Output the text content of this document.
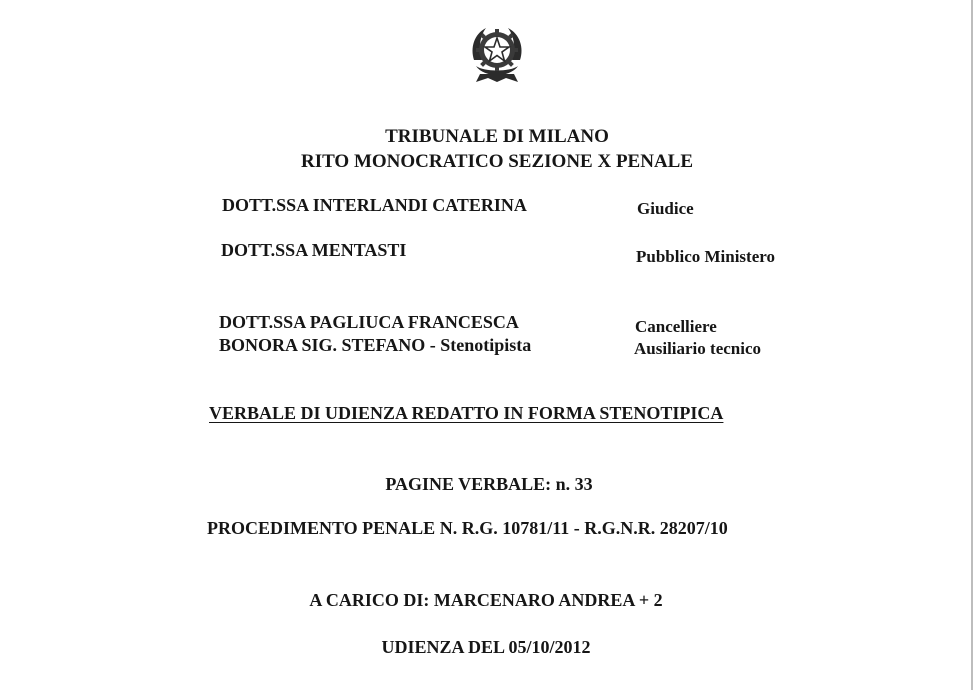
TRIBUNALE DI MILANO
RITO MONOCRATICO SEZIONE X PENALE
DOTT.SSA INTERLANDI CATERINA	Giudice
DOTT.SSA MENTASTI	Pubblico Ministero
DOTT.SSA PAGLIUCA FRANCESCA	Cancelliere
BONORA SIG. STEFANO - Stenotipista	Ausiliario tecnico
VERBALE DI UDIENZA REDATTO IN FORMA STENOTIPICA
PAGINE VERBALE: n. 33
PROCEDIMENTO PENALE N. R.G. 10781/11 - R.G.N.R. 28207/10
A CARICO DI: MARCENARO ANDREA + 2
UDIENZA DEL 05/10/2012
